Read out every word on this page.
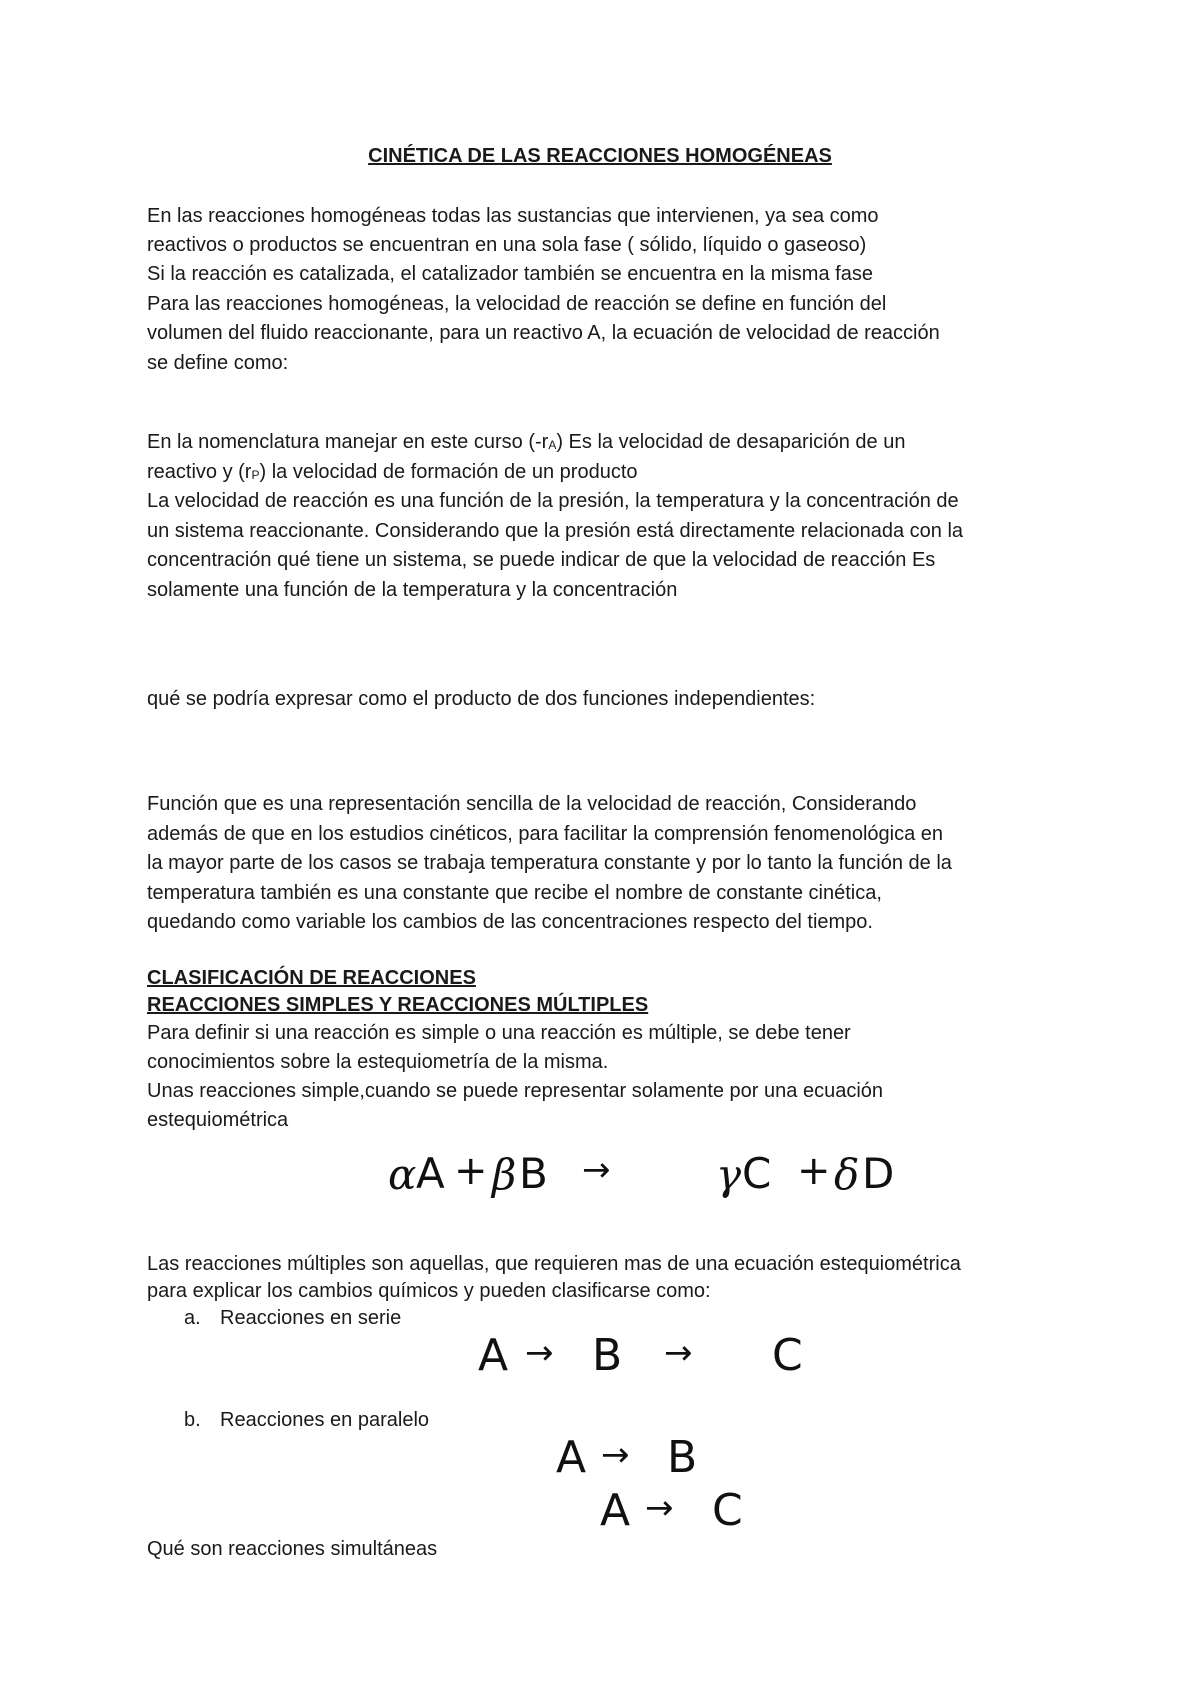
CINÉTICA DE LAS REACCIONES HOMOGÉNEAS
En las reacciones homogéneas todas las sustancias que intervienen, ya sea como
reactivos o productos se encuentran en una sola fase ( sólido, líquido o gaseoso)
Si la reacción es catalizada, el catalizador también se encuentra en la misma fase
Para las reacciones homogéneas, la velocidad de reacción se define en función del
volumen del fluido reaccionante, para un reactivo A, la ecuación de velocidad de reacción
se define como:
En la nomenclatura manejar en este curso (-rA) Es la velocidad de desaparición de un
reactivo y (rP) la velocidad de formación de un producto
La velocidad de reacción es una función de la presión, la temperatura y la concentración de
un sistema reaccionante. Considerando que la presión está directamente relacionada con la
concentración qué tiene un sistema, se puede indicar de que la velocidad de reacción Es
solamente una función de la temperatura y la concentración
qué se podría expresar como el producto de dos funciones independientes:
Función que es una representación sencilla de la velocidad de reacción, Considerando
además de que en los estudios cinéticos, para facilitar la comprensión fenomenológica en
la mayor parte de los casos se trabaja temperatura constante y por lo tanto la función de la
temperatura también es una constante que recibe el nombre de constante cinética,
quedando como variable los cambios de las concentraciones respecto del tiempo.
CLASIFICACIÓN DE REACCIONES
REACCIONES SIMPLES Y REACCIONES MÚLTIPLES
Para definir si una reacción es simple o una reacción es múltiple, se debe tener
conocimientos sobre la estequiometría de la misma.
Unas reacciones simple,cuando se puede representar solamente por una ecuación
estequiométrica
α A + β B →	γ C + δ D
Las reacciones múltiples son aquellas, que requieren mas de una ecuación estequiométrica
para explicar los cambios químicos y pueden clasificarse como:
a. Reacciones en serie
A → B → C
b. Reacciones en paralelo
A → B
A → C
Qué son reacciones simultáneas
